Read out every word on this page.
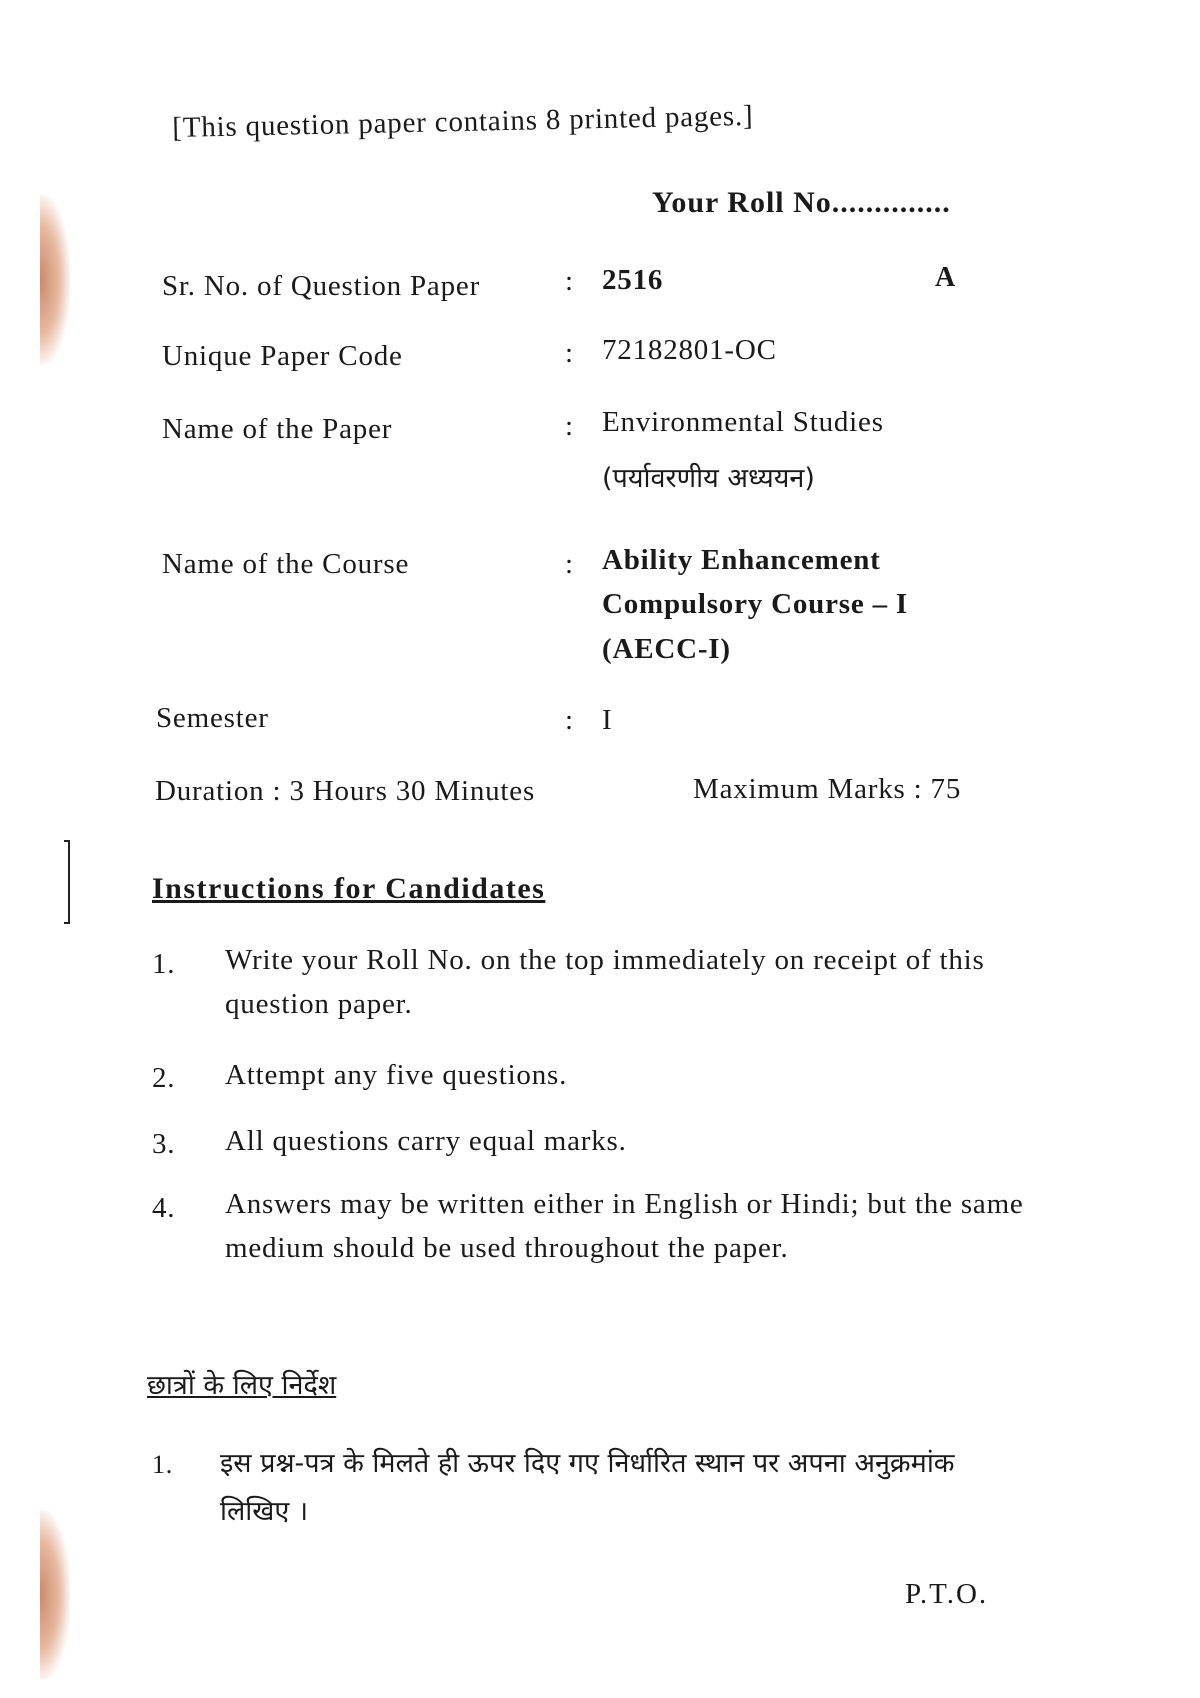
[This question paper contains 8 printed pages.]
Your Roll No..............
Sr. No. of Question Paper	: 2516	A
Unique Paper Code	: 72182801-OC
Name of the Paper	: Environmental Studies
(पर्यावरणीय अध्ययन)
Name of the Course	: Ability Enhancement
Compulsory Course – I
(AECC-I)
Semester	: I
Duration : 3 Hours 30 Minutes	Maximum Marks : 75
Instructions for Candidates
1. Write your Roll No. on the top immediately on receipt of this question paper.
2. Attempt any five questions.
3. All questions carry equal marks.
4. Answers may be written either in English or Hindi; but the same medium should be used throughout the paper.
छात्रों के लिए निर्देश
1. इस प्रश्न-पत्र के मिलते ही ऊपर दिए गए निर्धारित स्थान पर अपना अनुक्रमांक लिखिए ।
P.T.O.
